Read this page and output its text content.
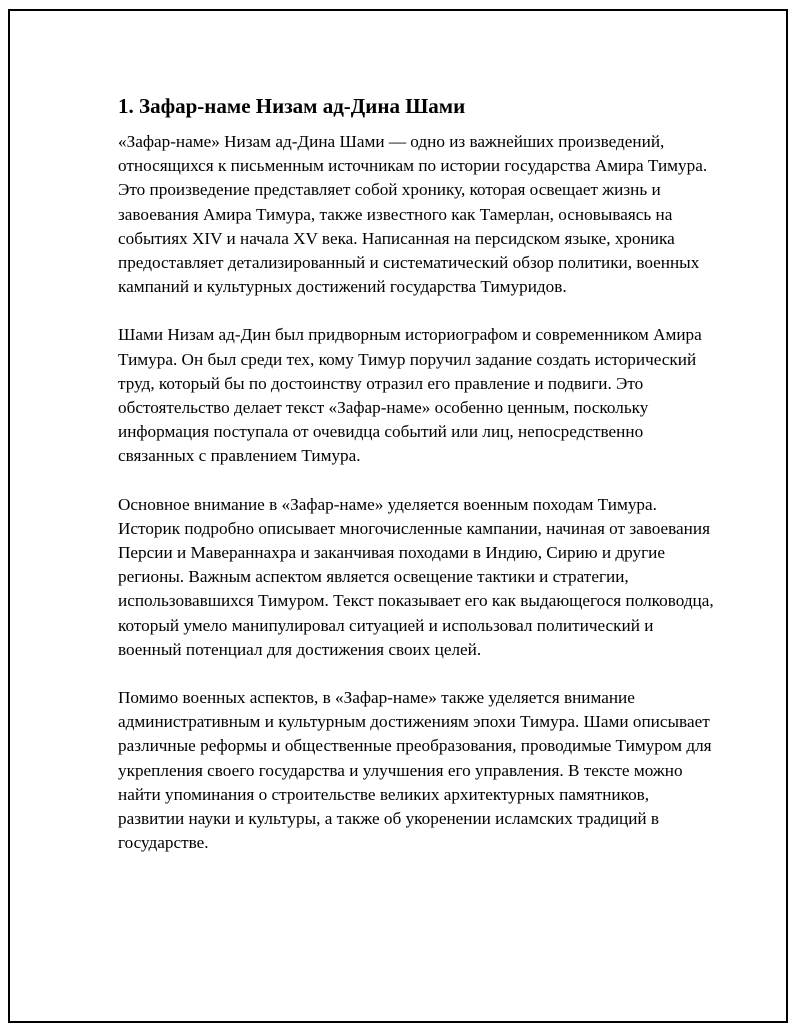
1. Зафар-наме Низам ад-Дина Шами

«Зафар-наме» Низам ад-Дина Шами — одно из важнейших произведений, относящихся к письменным источникам по истории государства Амира Тимура. Это произведение представляет собой хронику, которая освещает жизнь и завоевания Амира Тимура, также известного как Тамерлан, основываясь на событиях XIV и начала XV века. Написанная на персидском языке, хроника предоставляет детализированный и систематический обзор политики, военных кампаний и культурных достижений государства Тимуридов.

Шами Низам ад-Дин был придворным историографом и современником Амира Тимура. Он был среди тех, кому Тимур поручил задание создать исторический труд, который бы по достоинству отразил его правление и подвиги. Это обстоятельство делает текст «Зафар-наме» особенно ценным, поскольку информация поступала от очевидца событий или лиц, непосредственно связанных с правлением Тимура.

Основное внимание в «Зафар-наме» уделяется военным походам Тимура. Историк подробно описывает многочисленные кампании, начиная от завоевания Персии и Мавераннахра и заканчивая походами в Индию, Сирию и другие регионы. Важным аспектом является освещение тактики и стратегии, использовавшихся Тимуром. Текст показывает его как выдающегося полководца, который умело манипулировал ситуацией и использовал политический и военный потенциал для достижения своих целей.

Помимо военных аспектов, в «Зафар-наме» также уделяется внимание административным и культурным достижениям эпохи Тимура. Шами описывает различные реформы и общественные преобразования, проводимые Тимуром для укрепления своего государства и улучшения его управления. В тексте можно найти упоминания о строительстве великих архитектурных памятников, развитии науки и культуры, а также об укоренении исламских традиций в государстве.
